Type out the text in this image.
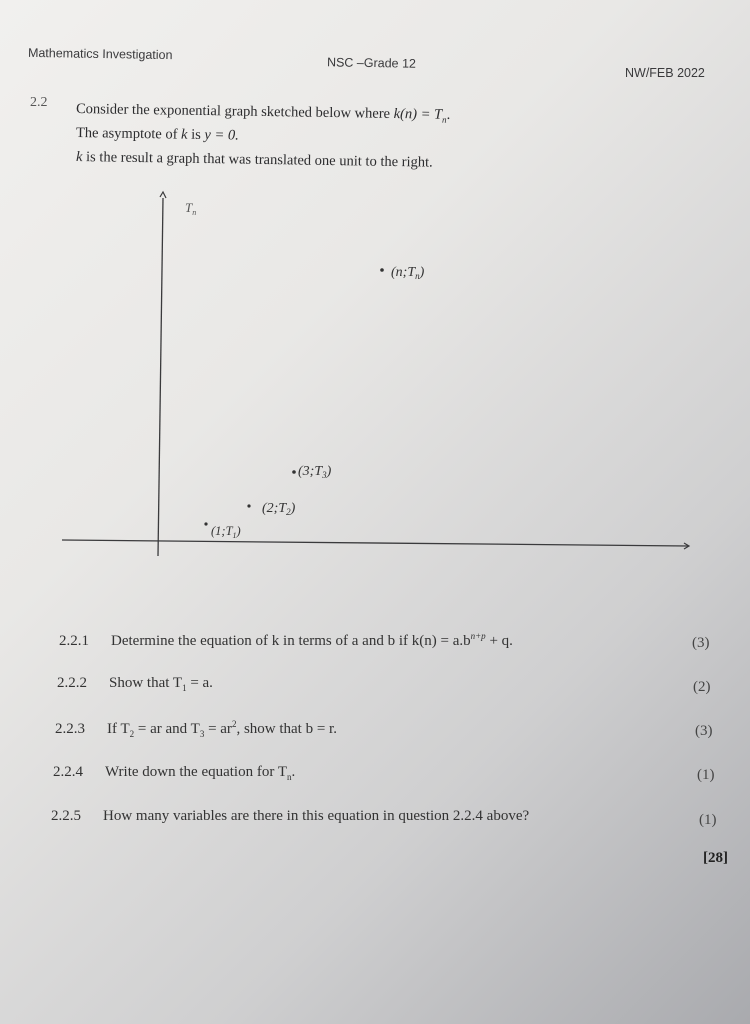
Mathematics Investigation
NSC –Grade 12
NW/FEB 2022
2.2 Consider the exponential graph sketched below where $k(n) = T_n$.
The asymptote of k is y = 0.
k is the result a graph that was translated one unit to the right.
$T_n$
$(1;T_1)$
$(2;T_2)$
$(3;T_3)$
$(n;T_n)$
2.2.1 Determine the equation of k in terms of a and b if $k(n) = a.b^{n+p} + q$.	(3)
2.2.2 Show that $T_1 = a$.	(2)
2.2.3 If $T_2$ = ar and $T_3 = ar^2$, show that b = r.	(3)
2.2.4 Write down the equation for $T_n$.	(1)
2.2.5 How many variables are there in this equation in question 2.2.4 above?	(1)
[28]
